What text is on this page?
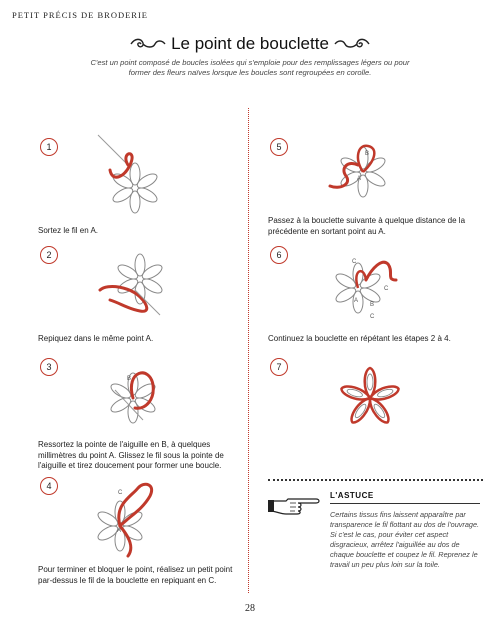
PETIT PRÉCIS DE BRODERIE
Le point de bouclette
C'est un point composé de boucles isolées qui s'emploie pour des remplissages légers ou pour former des fleurs naïves lorsque les boucles sont regroupées en corolle.
1
Sortez le fil en A.
2
Repiquez dans le même point A.
3
B
Ressortez la pointe de l'aiguille en B, à quelques millimètres du point A. Glissez le fil sous la pointe de l'aiguille et tirez doucement pour former une boucle.
4
C
A
Pour terminer et bloquer le point, réalisez un petit point par-dessus le fil de la bouclette en repiquant en C.
5
B
A
Passez à la bouclette suivante à quelque distance de la précédente en sortant point au A.
6
C
C
B
A
C
Continuez la bouclette en répétant les étapes 2 à 4.
7
L'ASTUCE
Certains tissus fins laissent apparaître par transparence le fil flottant au dos de l'ouvrage. Si c'est le cas, pour éviter cet aspect disgracieux, arrêtez l'aiguillée au dos de chaque bouclette et coupez le fil. Reprenez le travail un peu plus loin sur la toile.
28
